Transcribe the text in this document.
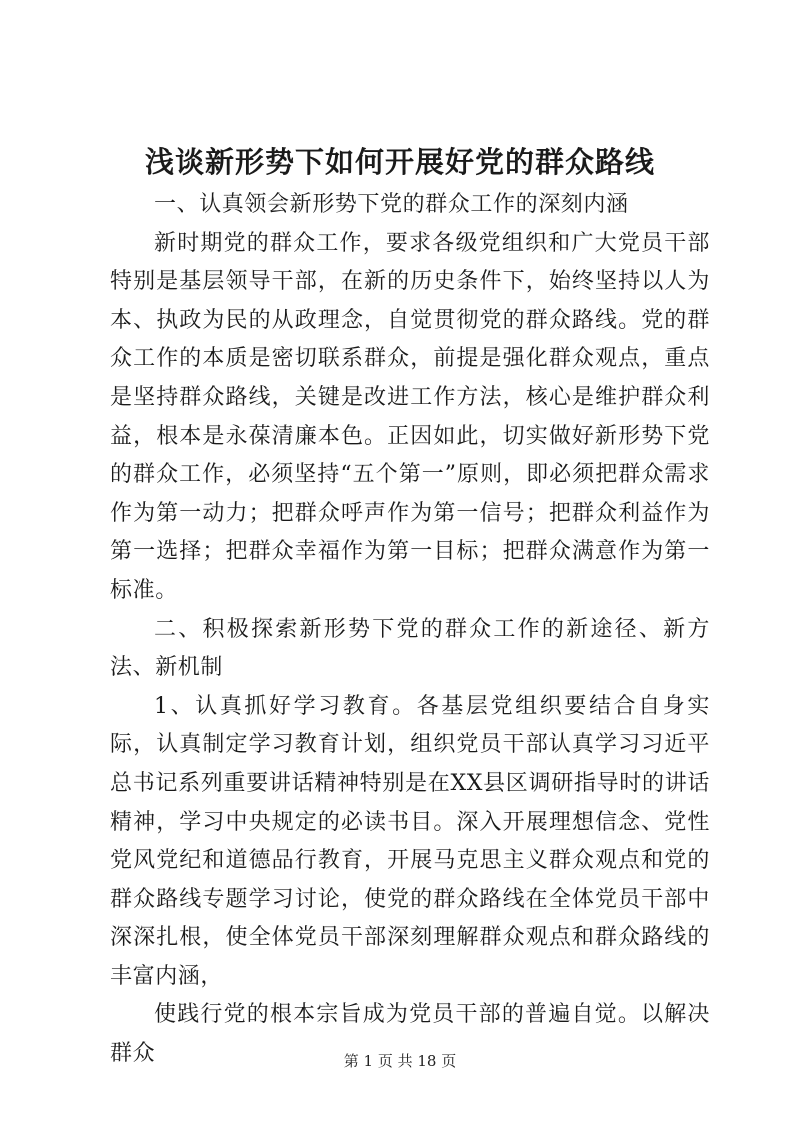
浅谈新形势下如何开展好党的群众路线

一、认真领会新形势下党的群众工作的深刻内涵

新时期党的群众工作，要求各级党组织和广大党员干部特别是基层领导干部，在新的历史条件下，始终坚持以人为本、执政为民的从政理念，自觉贯彻党的群众路线。党的群众工作的本质是密切联系群众，前提是强化群众观点，重点是坚持群众路线，关键是改进工作方法，核心是维护群众利益，根本是永葆清廉本色。正因如此，切实做好新形势下党的群众工作，必须坚持“五个第一”原则，即必须把群众需求作为第一动力；把群众呼声作为第一信号；把群众利益作为第一选择；把群众幸福作为第一目标；把群众满意作为第一标准。

二、积极探索新形势下党的群众工作的新途径、新方法、新机制

1、认真抓好学习教育。各基层党组织要结合自身实际，认真制定学习教育计划，组织党员干部认真学习习近平总书记系列重要讲话精神特别是在XX县区调研指导时的讲话精神，学习中央规定的必读书目。深入开展理想信念、党性党风党纪和道德品行教育，开展马克思主义群众观点和党的群众路线专题学习讨论，使党的群众路线在全体党员干部中深深扎根，使全体党员干部深刻理解群众观点和群众路线的丰富内涵，

使践行党的根本宗旨成为党员干部的普遍自觉。以解决群众	第 1 页 共 18 页
